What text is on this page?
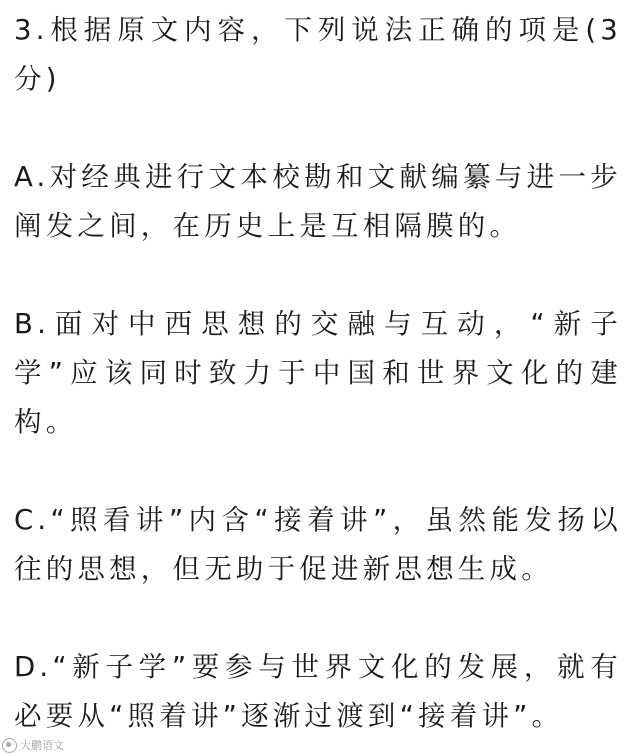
3.根据原文内容，下列说法正确的项是(3分)

A.对经典进行文本校勘和文献编纂与进一步阐发之间，在历史上是互相隔膜的。

B.面对中西思想的交融与互动，“新子学”应该同时致力于中国和世界文化的建构。

C.“照看讲”内含“接着讲”，虽然能发扬以往的思想，但无助于促进新思想生成。

D.“新子学”要参与世界文化的发展，就有必要从“照着讲”逐渐过渡到“接着讲”。

大鹏语文
